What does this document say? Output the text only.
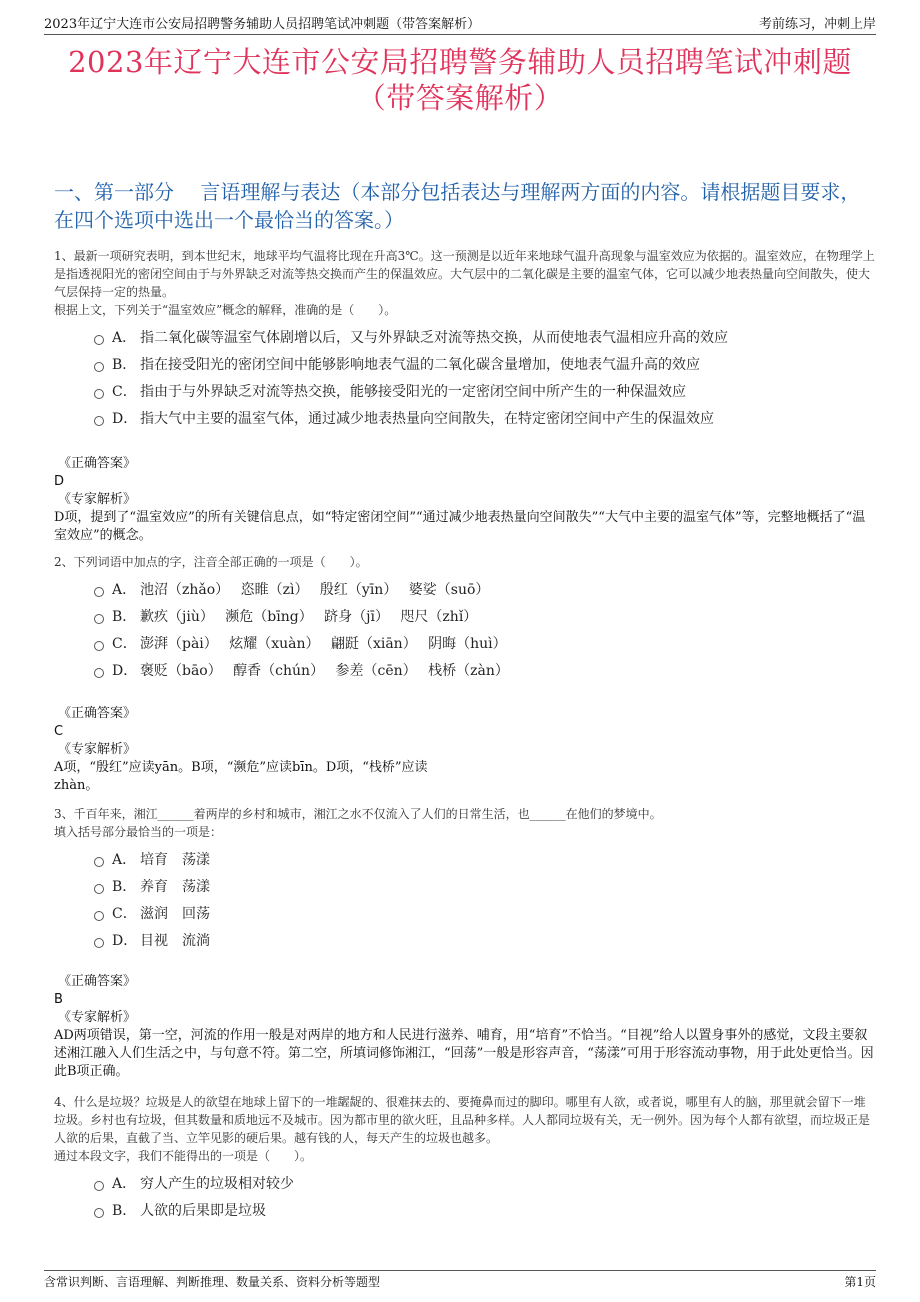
2023年辽宁大连市公安局招聘警务辅助人员招聘笔试冲刺题（带答案解析）	考前练习，冲刺上岸
2023年辽宁大连市公安局招聘警务辅助人员招聘笔试冲刺题
（带答案解析）
一、第一部分　 言语理解与表达（本部分包括表达与理解两方面的内容。请根据题目要求，在四个选项中选出一个最恰当的答案。）
1、最新一项研究表明，到本世纪末，地球平均气温将比现在升高3℃。这一预测是以近年来地球气温升高现象与温室效应为依据的。温室效应，在物理学上是指透视阳光的密闭空间由于与外界缺乏对流等热交换而产生的保温效应。大气层中的二氧化碳是主要的温室气体，它可以减少地表热量向空间散失，使大气层保持一定的热量。
根据上文，下列关于“温室效应”概念的解释，准确的是（　　）。
A． 指二氧化碳等温室气体剧增以后，又与外界缺乏对流等热交换，从而使地表气温相应升高的效应
B． 指在接受阳光的密闭空间中能够影响地表气温的二氧化碳含量增加，使地表气温升高的效应
C． 指由于与外界缺乏对流等热交换，能够接受阳光的一定密闭空间中所产生的一种保温效应
D． 指大气中主要的温室气体，通过减少地表热量向空间散失，在特定密闭空间中产生的保温效应
《正确答案》
D
《专家解析》
D项，提到了“温室效应”的所有关键信息点，如“特定密闭空间”“通过减少地表热量向空间散失”“大气中主要的温室气体”等，完整地概括了“温室效应”的概念。
2、下列词语中加点的字，注音全部正确的一项是（　　）。
A． 池沼（zhǎo）　 恣睢（zì）　 殷红（yīn）　 婆娑（suō）
B． 歉疚（jiù）　 濒危（bīng）　 跻身（jī）　 咫尺（zhǐ）
C． 澎湃（pài）　 炫耀（xuàn）　 翩跹（xiān）　 阴晦（huì）
D． 褒贬（bāo）　 醇香（chún）　 参差（cēn）　 栈桥（zàn）
《正确答案》
C
《专家解析》
A项，“殷红”应读yān。B项，“濒危”应读bīn。D项，“栈桥”应读zhàn。
3、千百年来，湘江______着两岸的乡村和城市，湘江之水不仅流入了人们的日常生活，也______在他们的梦境中。
填入括号部分最恰当的一项是：
A． 培育　荡漾
B． 养育　荡漾
C． 滋润　回荡
D． 目视　流淌
《正确答案》
B
《专家解析》
AD两项错误，第一空，河流的作用一般是对两岸的地方和人民进行滋养、哺育，用“培育”不恰当。“目视”给人以置身事外的感觉，文段主要叙述湘江融入人们生活之中，与句意不符。第二空，所填词修饰湘江，“回荡”一般是形容声音，“荡漾”可用于形容流动事物，用于此处更恰当。因此B项正确。
4、什么是垃圾？垃圾是人的欲望在地球上留下的一堆龌龊的、很难抹去的、要掩鼻而过的脚印。哪里有人欲，或者说，哪里有人的脑，那里就会留下一堆垃圾。乡村也有垃圾，但其数量和质地远不及城市。因为都市里的欲火旺，且品种多样。人人都同垃圾有关，无一例外。因为每个人都有欲望，而垃圾正是人欲的后果，直截了当、立竿见影的硬后果。越有钱的人，每天产生的垃圾也越多。
通过本段文字，我们不能得出的一项是（　　）。
A． 穷人产生的垃圾相对较少
B． 人欲的后果即是垃圾
含常识判断、言语理解、判断推理、数量关系、资料分析等题型	第1页
